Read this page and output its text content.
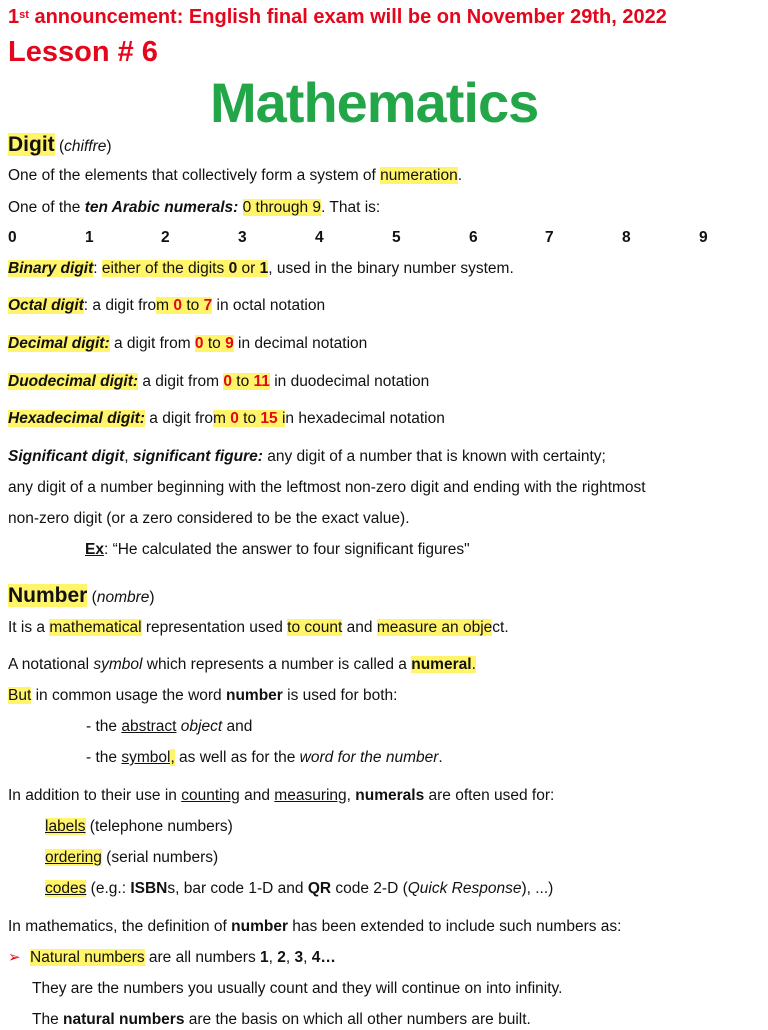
1st announcement: English final exam will be on November 29th, 2022
Lesson # 6
Mathematics
Digit (chiffre)
One of the elements that collectively form a system of numeration.
One of the ten Arabic numerals: 0 through 9. That is:
0	1	2	3	4	5	6	7	8	9
Binary digit: either of the digits 0 or 1, used in the binary number system.
Octal digit: a digit from 0 to 7 in octal notation
Decimal digit: a digit from 0 to 9 in decimal notation
Duodecimal digit: a digit from 0 to 11 in duodecimal notation
Hexadecimal digit: a digit from 0 to 15 in hexadecimal notation
Significant digit, significant figure: any digit of a number that is known with certainty;
any digit of a number beginning with the leftmost non-zero digit and ending with the rightmost
non-zero digit (or a zero considered to be the exact value).
Ex: “He calculated the answer to four significant figures"
Number (nombre)
It is a mathematical representation used to count and measure an object.
A notational symbol which represents a number is called a numeral.
But in common usage the word number is used for both:
- the abstract object and
- the symbol, as well as for the word for the number.
In addition to their use in counting and measuring, numerals are often used for:
labels (telephone numbers)
ordering (serial numbers)
codes (e.g.: ISBNs, bar code 1-D and QR code 2-D (Quick Response), ...)
In mathematics, the definition of number has been extended to include such numbers as:
➢ Natural numbers are all numbers 1, 2, 3, 4…
They are the numbers you usually count and they will continue on into infinity.
The natural numbers are the basis on which all other numbers are built.
